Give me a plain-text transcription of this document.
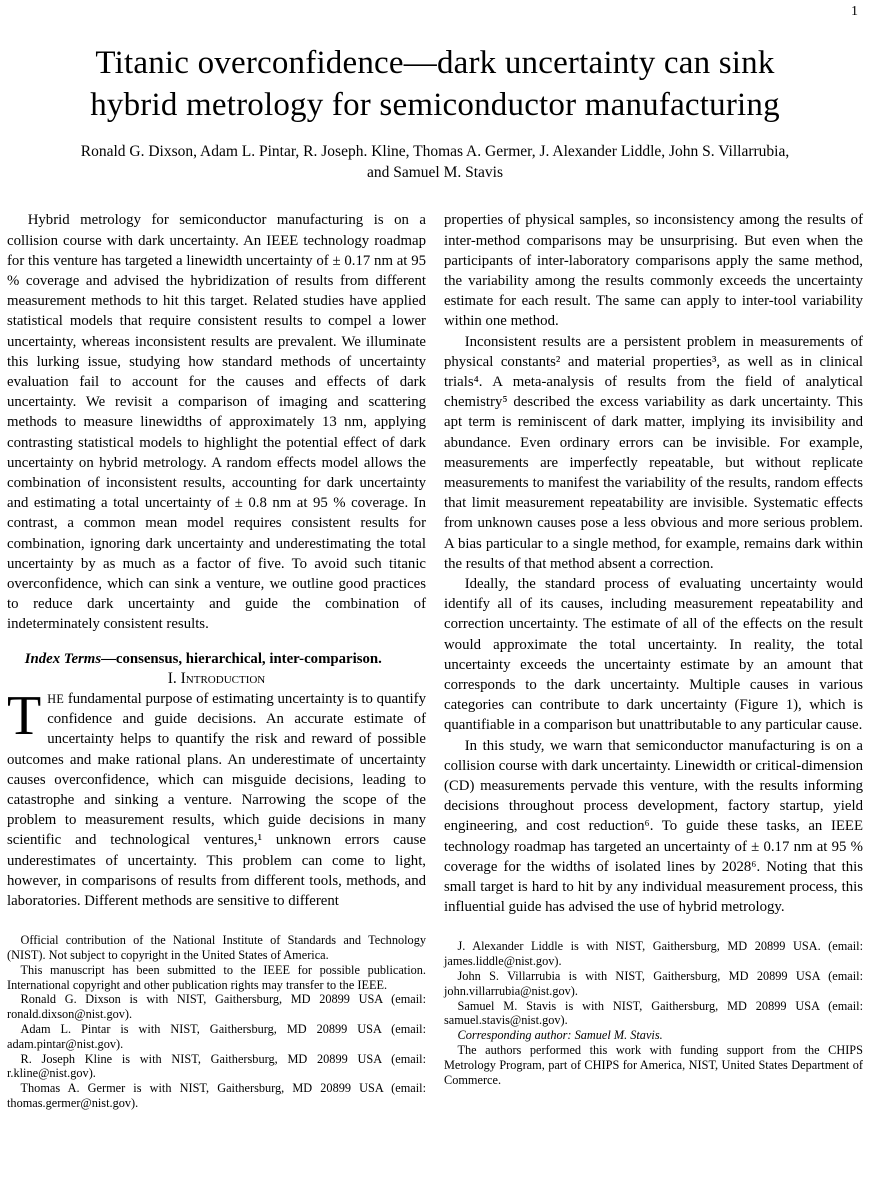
1
Titanic overconfidence—dark uncertainty can sink
hybrid metrology for semiconductor manufacturing
Ronald G. Dixson, Adam L. Pintar, R. Joseph. Kline, Thomas A. Germer, J. Alexander Liddle, John S. Villarrubia,
and Samuel M. Stavis

Hybrid metrology for semiconductor manufacturing is on a collision course with dark uncertainty. An IEEE technology roadmap for this venture has targeted a linewidth uncertainty of ± 0.17 nm at 95 % coverage and advised the hybridization of results from different measurement methods to hit this target. Related studies have applied statistical models that require consistent results to compel a lower uncertainty, whereas inconsistent results are prevalent. We illuminate this lurking issue, studying how standard methods of uncertainty evaluation fail to account for the causes and effects of dark uncertainty. We revisit a comparison of imaging and scattering methods to measure linewidths of approximately 13 nm, applying contrasting statistical models to highlight the potential effect of dark uncertainty on hybrid metrology. A random effects model allows the combination of inconsistent results, accounting for dark uncertainty and estimating a total uncertainty of ± 0.8 nm at 95 % coverage. In contrast, a common mean model requires consistent results for combination, ignoring dark uncertainty and underestimating the total uncertainty by as much as a factor of five. To avoid such titanic overconfidence, which can sink a venture, we outline good practices to reduce dark uncertainty and guide the combination of indeterminately consistent results.

Index Terms—consensus, hierarchical, inter-comparison.

I. Introduction

THE fundamental purpose of estimating uncertainty is to quantify confidence and guide decisions. An accurate estimate of uncertainty helps to quantify the risk and reward of possible outcomes and make rational plans. An underestimate of uncertainty causes overconfidence, which can misguide decisions, leading to catastrophe and sinking a venture. Narrowing the scope of the problem to measurement results, which guide decisions in many scientific and technological ventures,¹ unknown errors cause underestimates of uncertainty. This problem can come to light, however, in comparisons of results from different tools, methods, and laboratories. Different methods are sensitive to different

Official contribution of the National Institute of Standards and Technology (NIST). Not subject to copyright in the United States of America.

This manuscript has been submitted to the IEEE for possible publication. International copyright and other publication rights may transfer to the IEEE.

Ronald G. Dixson is with NIST, Gaithersburg, MD 20899 USA (email: ronald.dixson@nist.gov).

Adam L. Pintar is with NIST, Gaithersburg, MD 20899 USA (email: adam.pintar@nist.gov).

R. Joseph Kline is with NIST, Gaithersburg, MD 20899 USA (email: r.kline@nist.gov).

Thomas A. Germer is with NIST, Gaithersburg, MD 20899 USA (email: thomas.germer@nist.gov).

properties of physical samples, so inconsistency among the results of inter-method comparisons may be unsurprising. But even when the participants of inter-laboratory comparisons apply the same method, the variability among the results commonly exceeds the uncertainty estimate for each result. The same can apply to inter-tool variability within one method.

Inconsistent results are a persistent problem in measurements of physical constants² and material properties³, as well as in clinical trials⁴. A meta-analysis of results from the field of analytical chemistry⁵ described the excess variability as dark uncertainty. This apt term is reminiscent of dark matter, implying its invisibility and abundance. Even ordinary errors can be invisible. For example, measurements are imperfectly repeatable, but without replicate measurements to manifest the variability of the results, random effects that limit measurement repeatability are invisible. Systematic effects from unknown causes pose a less obvious and more serious problem. A bias particular to a single method, for example, remains dark within the results of that method absent a correction.

Ideally, the standard process of evaluating uncertainty would identify all of its causes, including measurement repeatability and correction uncertainty. The estimate of all of the effects on the result would approximate the total uncertainty. In reality, the total uncertainty exceeds the uncertainty estimate by an amount that corresponds to the dark uncertainty. Multiple causes in various categories can contribute to dark uncertainty (Figure 1), which is quantifiable in a comparison but unattributable to any particular cause.

In this study, we warn that semiconductor manufacturing is on a collision course with dark uncertainty. Linewidth or critical-dimension (CD) measurements pervade this venture, with the results informing decisions throughout process development, factory startup, yield engineering, and cost reduction⁶. To guide these tasks, an IEEE technology roadmap has targeted an uncertainty of ± 0.17 nm at 95 % coverage for the widths of isolated lines by 2028⁶. Noting that this small target is hard to hit by any individual measurement process, this influential guide has advised the use of hybrid metrology.

J. Alexander Liddle is with NIST, Gaithersburg, MD 20899 USA. (email: james.liddle@nist.gov).

John S. Villarrubia is with NIST, Gaithersburg, MD 20899 USA (email: john.villarrubia@nist.gov).

Samuel M. Stavis is with NIST, Gaithersburg, MD 20899 USA (email: samuel.stavis@nist.gov).

Corresponding author: Samuel M. Stavis.

The authors performed this work with funding support from the CHIPS Metrology Program, part of CHIPS for America, NIST, United States Department of Commerce.
